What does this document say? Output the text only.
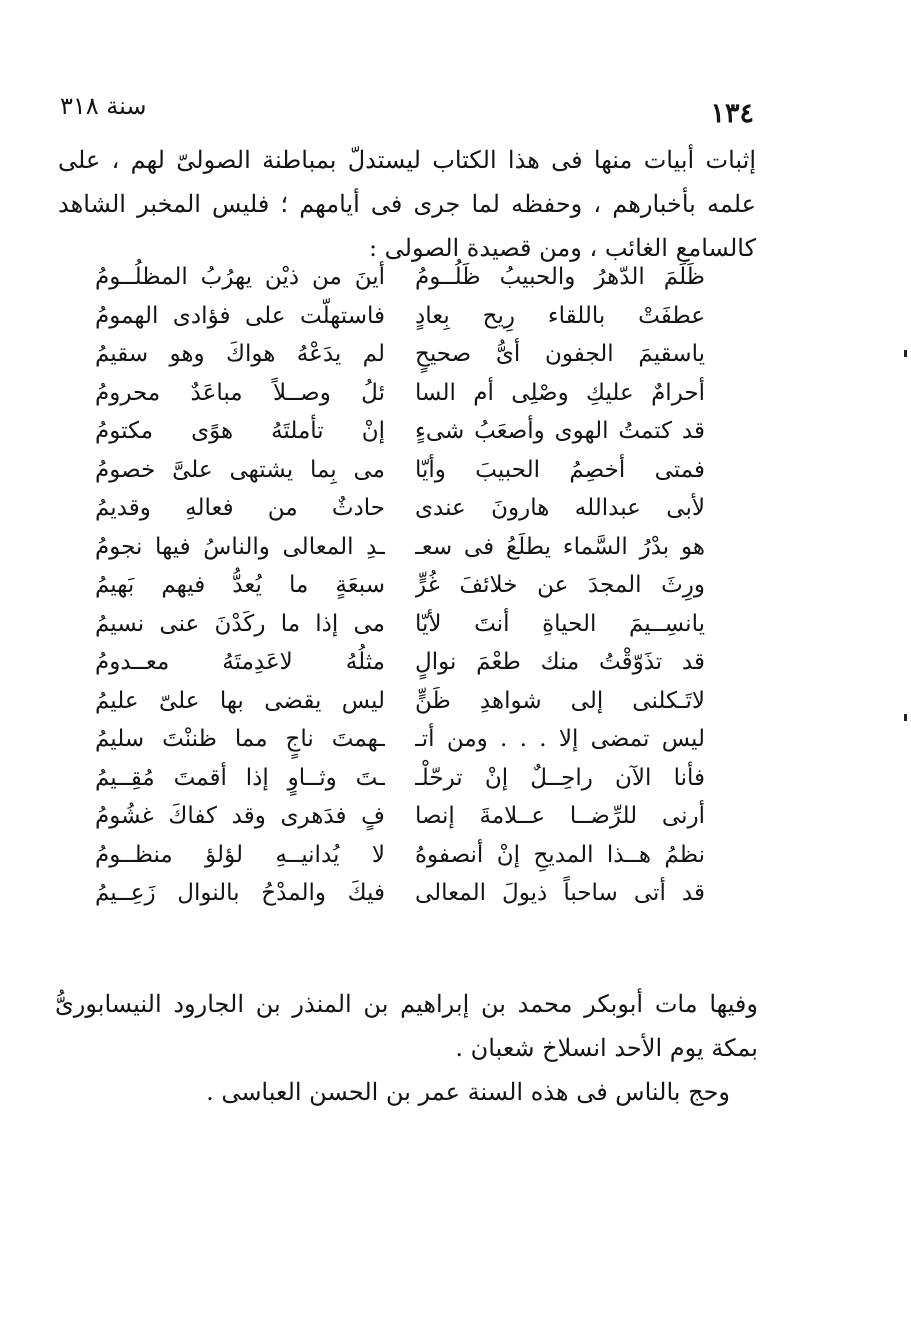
١٣٤
سنة ٣١٨

إثبات أبيات منها فى هذا الكتاب ليستدلّ بمباطنة الصولىّ لهم ، على علمه بأخبارهم ، وحفظه لما جرى فى أيامهم ؛ فليس المخبر الشاهد كالسامع الغائب ، ومن قصيدة الصولى :

ظَلَمَ الدّهرُ والحبيبُ ظَلُــومُ
أينَ من ذيْن يهرُبُ المظلُــومُ
عطفَتْ باللقاء رِيح بِعادٍ
فاستهلّت على فؤادى الهمومُ
ياسقيمَ الجفون أىُّ صحيحٍ
لم يدَعْهُ هواكَ وهو سقيمُ
أحرامٌ عليكِ وصْلِى أم السا
ئلُ وصــلاً مباعَدٌ محرومُ
قد كتمتُ الهوى وأصعَبُ شىءٍ
إنْ تأملتَهُ هوًى مكتومُ
فمتى أخصِمُ الحبيبَ وأيّا
مى بِما يشتهى علىَّ خصومُ
لأبى عبدالله هارونَ عندى
حادثٌ من فعالهِ وقديمُ
هو بدْرُ السَّماء يطلَعُ فى سعـ
ـدِ المعالى والناسُ فيها نجومُ
ورِثَ المجدَ عن خلائفَ غُرٍّ
سبعَةٍ ما يُعدُّ فيهم بَهيمُ
يانسِــيمَ الحياةِ أنتَ لأيّا
مى إذا ما ركَدْنَ عنى نسيمُ
قد تذَوّقْتُ منك طعْمَ نوالٍ
مثلُهُ لاعَدِمتَهُ معــدومُ
لاتَـكلنى إلى شواهدِ ظَنٍّ
ليس يقضى بها علىّ عليمُ
ليس تمضى إلا . . . ومن أتـ
ـهمتَ ناجٍ مما ظننْتَ سليمُ
فأنا الآن راحِــلٌ إنْ ترحّلْـ
ـتَ وثــاوٍ إذا أقمتَ مُقِــيمُ
أرنى للرِّضــا عــلامةَ إنصا
فٍ فدَهرى وقد كفاكَ غشُومُ
نظمُ هــذا المديحِ إنْ أنصفوهُ
لا يُدانيــهِ لؤلؤ منظــومُ
قد أتى ساحباً ذيولَ المعالى
فيكَ والمدْحُ بالنوال زَعِــيمُ

وفيها مات أبوبكر محمد بن إبراهيم بن المنذر بن الجارود النيسابورىُّ بمكة يوم الأحد انسلاخ شعبان .

وحج بالناس فى هذه السنة عمر بن الحسن العباسى .
